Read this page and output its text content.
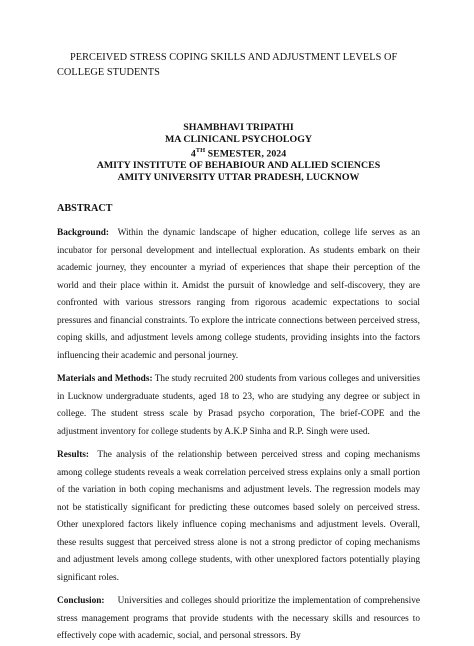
PERCEIVED STRESS COPING SKILLS AND ADJUSTMENT LEVELS OF COLLEGE STUDENTS

SHAMBHAVI TRIPATHI
MA CLINICANL PSYCHOLOGY
4TH SEMESTER, 2024
AMITY INSTITUTE OF BEHABIOUR AND ALLIED SCIENCES
AMITY UNIVERSITY UTTAR PRADESH, LUCKNOW
ABSTRACT

Background: Within the dynamic landscape of higher education, college life serves as an incubator for personal development and intellectual exploration. As students embark on their academic journey, they encounter a myriad of experiences that shape their perception of the world and their place within it. Amidst the pursuit of knowledge and self-discovery, they are confronted with various stressors ranging from rigorous academic expectations to social pressures and financial constraints. To explore the intricate connections between perceived stress, coping skills, and adjustment levels among college students, providing insights into the factors influencing their academic and personal journey.

Materials and Methods: The study recruited 200 students from various colleges and universities in Lucknow undergraduate students, aged 18 to 23, who are studying any degree or subject in college. The student stress scale by Prasad psycho corporation, The brief-COPE and the adjustment inventory for college students by A.K.P Sinha and R.P. Singh were used.

Results: The analysis of the relationship between perceived stress and coping mechanisms among college students reveals a weak correlation perceived stress explains only a small portion of the variation in both coping mechanisms and adjustment levels. The regression models may not be statistically significant for predicting these outcomes based solely on perceived stress. Other unexplored factors likely influence coping mechanisms and adjustment levels. Overall, these results suggest that perceived stress alone is not a strong predictor of coping mechanisms and adjustment levels among college students, with other unexplored factors potentially playing significant roles.

Conclusion: Universities and colleges should prioritize the implementation of comprehensive stress management programs that provide students with the necessary skills and resources to effectively cope with academic, social, and personal stressors. By
